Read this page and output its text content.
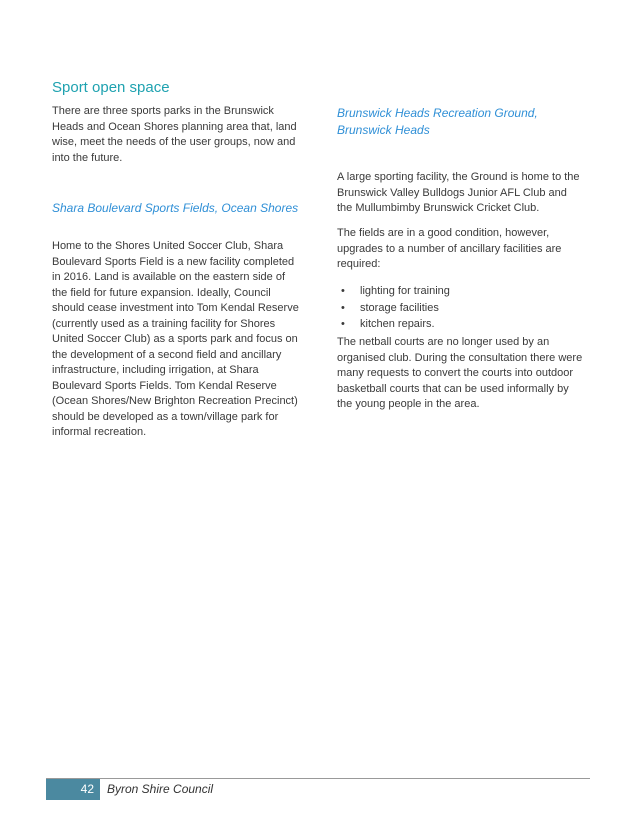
Sport open space

There are three sports parks in the Brunswick Heads and Ocean Shores planning area that, land wise, meet the needs of the user groups, now and into the future.

Shara Boulevard Sports Fields, Ocean Shores

Home to the Shores United Soccer Club, Shara Boulevard Sports Field is a new facility completed in 2016. Land is available on the eastern side of the field for future expansion. Ideally, Council should cease investment into Tom Kendal Reserve (currently used as a training facility for Shores United Soccer Club) as a sports park and focus on the development of a second field and ancillary infrastructure, including irrigation, at Shara Boulevard Sports Fields. Tom Kendal Reserve (Ocean Shores/New Brighton Recreation Precinct) should be developed as a town/village park for informal recreation.

Brunswick Heads Recreation Ground, Brunswick Heads

A large sporting facility, the Ground is home to the Brunswick Valley Bulldogs Junior AFL Club and the Mullumbimby Brunswick Cricket Club.

The fields are in a good condition, however, upgrades to a number of ancillary facilities are required:

• lighting for training
• storage facilities
• kitchen repairs.

The netball courts are no longer used by an organised club. During the consultation there were many requests to convert the courts into outdoor basketball courts that can be used informally by the young people in the area.

42	Byron Shire Council
